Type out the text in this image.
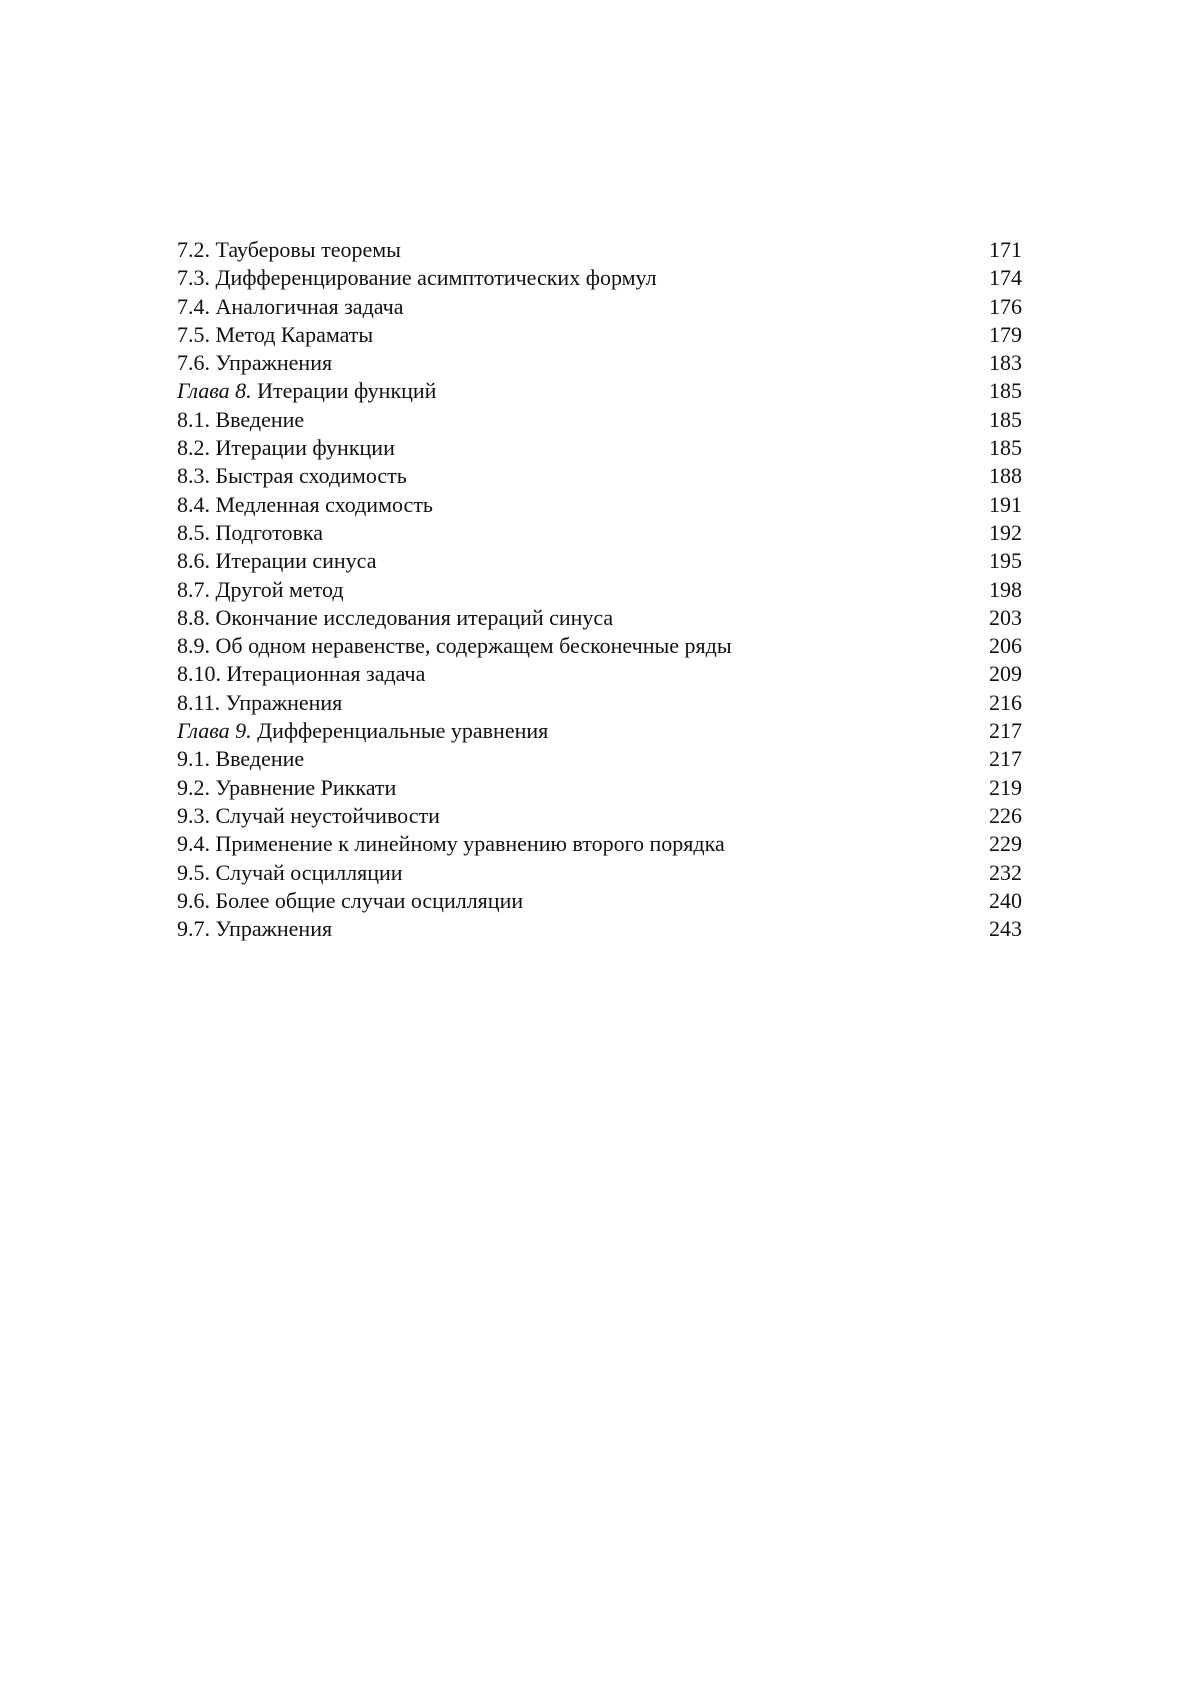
7.2. Тауберовы теоремы	171
7.3. Дифференцирование асимптотических формул	174
7.4. Аналогичная задача	176
7.5. Метод Караматы	179
7.6. Упражнения	183
Глава 8. Итерации функций	185
8.1. Введение	185
8.2. Итерации функции	185
8.3. Быстрая сходимость	188
8.4. Медленная сходимость	191
8.5. Подготовка	192
8.6. Итерации синуса	195
8.7. Другой метод	198
8.8. Окончание исследования итераций синуса	203
8.9. Об одном неравенстве, содержащем бесконечные ряды	206
8.10. Итерационная задача	209
8.11. Упражнения	216
Глава 9. Дифференциальные уравнения	217
9.1. Введение	217
9.2. Уравнение Риккати	219
9.3. Случай неустойчивости	226
9.4. Применение к линейному уравнению второго порядка	229
9.5. Случай осцилляции	232
9.6. Более общие случаи осцилляции	240
9.7. Упражнения	243
